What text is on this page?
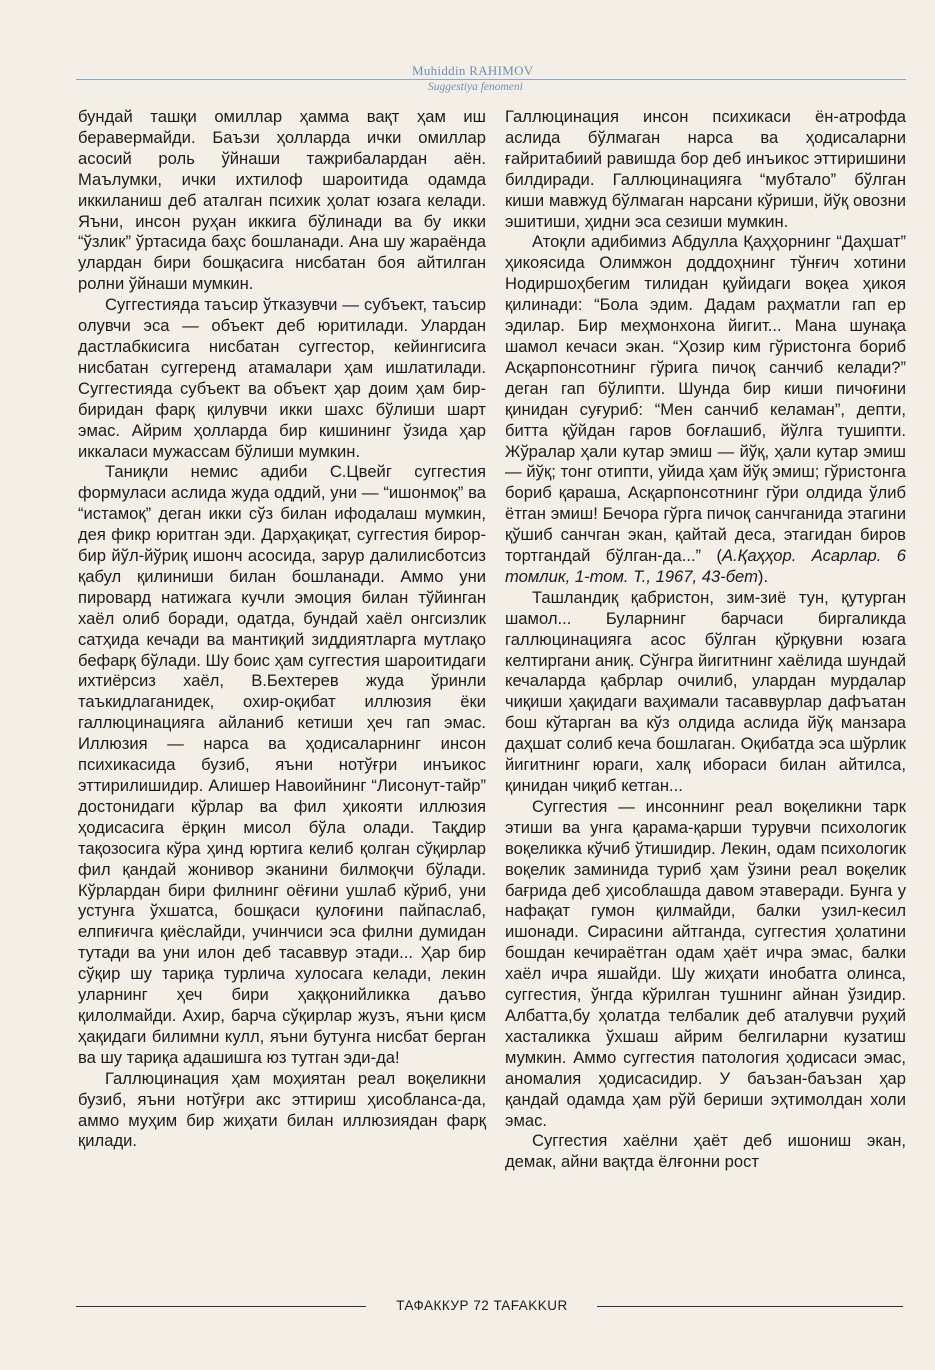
Muhiddin RAHIMOV
Suggestiya fenomeni

бундай ташқи омиллар ҳамма вақт ҳам иш беравермайди. Баъзи ҳолларда ички омиллар асосий роль ўйнаши тажрибалардан аён. Маълумки, ички ихтилоф шароитида одамда иккиланиш деб аталган психик ҳолат юзага келади. Яъни, инсон руҳан иккига бўлинади ва бу икки “ўзлик” ўртасида баҳс бошланади. Ана шу жараёнда улардан бири бошқасига нисбатан боя айтилган ролни ўйнаши мумкин.

Суггестияда таъсир ўтказувчи — субъект, таъсир олувчи эса — объект деб юритилади. Улардан дастлабкисига нисбатан суггестор, кейингисига нисбатан суггеренд атамалари ҳам ишлатилади. Суггестияда субъект ва объект ҳар доим ҳам бир-биридан фарқ қилувчи икки шахс бўлиши шарт эмас. Айрим ҳолларда бир кишининг ўзида ҳар иккаласи мужассам бўлиши мумкин.

Таниқли немис адиби С.Цвейг суггестия формуласи аслида жуда оддий, уни — “ишонмоқ” ва “истамоқ” деган икки сўз билан ифодалаш мумкин, дея фикр юритган эди. Дарҳақиқат, суггестия бирор-бир йўл-йўриқ ишонч асосида, зарур далилисботсиз қабул қилиниши билан бошланади. Аммо уни пировард натижага кучли эмоция билан тўйинган хаёл олиб боради, одатда, бундай хаёл онгсизлик сатҳида кечади ва мантиқий зиддиятларга мутлақо бефарқ бўлади. Шу боис ҳам суггестия шароитидаги ихтиёрсиз хаёл, В.Бехтерев жуда ўринли таъкидлаганидек, охир-оқибат иллюзия ёки галлюцинацияга айланиб кетиши ҳеч гап эмас. Иллюзия — нарса ва ҳодисаларнинг инсон психикасида бузиб, яъни нотўғри инъикос эттирилишидир. Алишер Навоийнинг “Лисонут-тайр” достонидаги кўрлар ва фил ҳикояти иллюзия ҳодисасига ёрқин мисол бўла олади. Тақдир тақозосига кўра ҳинд юртига келиб қолган сўқирлар фил қандай жонивор эканини билмоқчи бўлади. Кўрлардан бири филнинг оёғини ушлаб кўриб, уни устунга ўхшатса, бошқаси қулоғини пайпаслаб, елпиғичга қиёслайди, учинчиси эса филни думидан тутади ва уни илон деб тасаввур этади... Ҳар бир сўқир шу тариқа турлича хулосага келади, лекин уларнинг ҳеч бири ҳаққонийликка даъво қилолмайди. Ахир, барча сўқирлар жузъ, яъни қисм ҳақидаги билимни кулл, яъни бутунга нисбат берган ва шу тариқа адашишга юз тутган эди-да!

Галлюцинация ҳам моҳиятан реал воқеликни бузиб, яъни нотўғри акс эттириш ҳисобланса-да, аммо муҳим бир жиҳати билан иллюзиядан фарқ қилади.

Галлюцинация инсон психикаси ён-атрофда аслида бўлмаган нарса ва ҳодисаларни ғайритабиий равишда бор деб инъикос эттиришини билдиради. Галлюцинацияга “мубтало” бўлган киши мавжуд бўлмаган нарсани кўриши, йўқ овозни эшитиши, ҳидни эса сезиши мумкин.

Атоқли адибимиз Абдулла Қаҳҳорнинг “Даҳшат” ҳикоясида Олимжон доддоҳнинг тўнғич хотини Нодиршоҳбегим тилидан қуйидаги воқеа ҳикоя қилинади: “Бола эдим. Дадам раҳматли гап ер эдилар. Бир меҳмонхона йигит... Мана шунақа шамол кечаси экан. “Ҳозир ким гўристонга бориб Асқарпонсотнинг гўрига пичоқ санчиб келади?” деган гап бўлипти. Шунда бир киши пичоғини қинидан суғуриб: “Мен санчиб келаман”, депти, битта қўйдан гаров боғлашиб, йўлга тушипти. Жўралар ҳали кутар эмиш — йўқ, ҳали кутар эмиш — йўқ; тонг отипти, уйида ҳам йўқ эмиш; гўристонга бориб қараша, Асқарпонсотнинг гўри олдида ўлиб ётган эмиш! Бечора гўрга пичоқ санчганида этагини қўшиб санчган экан, қайтай деса, этагидан биров тортгандай бўлган-да...” (А.Қаҳҳор. Асарлар. 6 томлик, 1-том. Т., 1967, 43-бет).

Ташландиқ қабристон, зим-зиё тун, қутурган шамол... Буларнинг барчаси биргаликда галлюцинацияга асос бўлган қўрқувни юзага келтиргани аниқ. Сўнгра йигитнинг хаёлида шундай кечаларда қабрлар очилиб, улардан мурдалар чиқиши ҳақидаги ваҳимали тасаввурлар дафъатан бош кўтарган ва кўз олдида аслида йўқ манзара даҳшат солиб кеча бошлаган. Оқибатда эса шўрлик йигитнинг юраги, халқ ибораси билан айтилса, қинидан чиқиб кетган...

Суггестия — инсоннинг реал воқеликни тарк этиши ва унга қарама-қарши турувчи психологик воқеликка кўчиб ўтишидир. Лекин, одам психологик воқелик заминида туриб ҳам ўзини реал воқелик бағрида деб ҳисоблашда давом этаверади. Бунга у нафақат гумон қилмайди, балки узил-кесил ишонади. Сирасини айтганда, суггестия ҳолатини бошдан кечираётган одам ҳаёт ичра эмас, балки хаёл ичра яшайди. Шу жиҳати инобатга олинса, суггестия, ўнгда кўрилган тушнинг айнан ўзидир. Албатта,бу ҳолатда телбалик деб аталувчи руҳий хасталикка ўхшаш айрим белгиларни кузатиш мумкин. Аммо суггестия патология ҳодисаси эмас, аномалия ҳодисасидир. У баъзан-баъзан ҳар қандай одамда ҳам рўй бериши эҳтимолдан холи эмас.

Суггестия хаёлни ҳаёт деб ишониш экан, демак, айни вақтда ёлғонни рост

ТАФАККУР 72 TAFAKKUR
